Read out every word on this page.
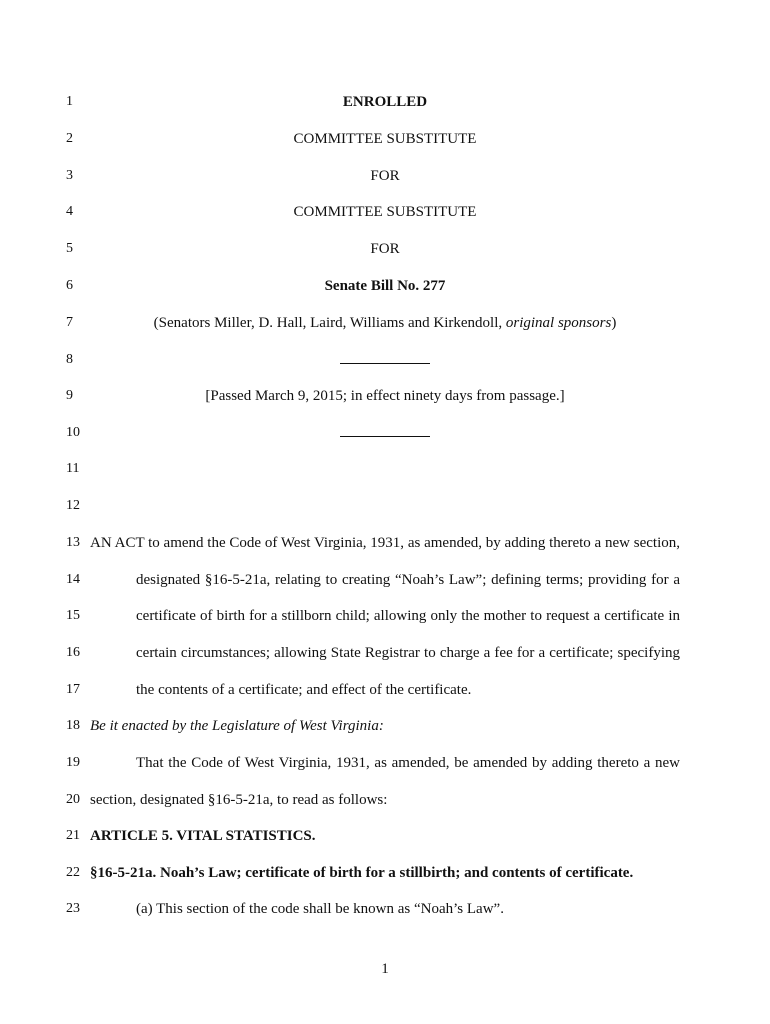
1
2
3
4
5
6
7
8
9
10
11
12
13
14
15
16
17
18
19
20
21
22
23
ENROLLED
COMMITTEE SUBSTITUTE
FOR
COMMITTEE SUBSTITUTE
FOR
Senate Bill No. 277
(Senators Miller, D. Hall, Laird, Williams and Kirkendoll, original sponsors)
[Passed March 9, 2015; in effect ninety days from passage.]
AN ACT to amend the Code of West Virginia, 1931, as amended, by adding thereto a new section,
designated §16-5-21a, relating to creating “Noah’s Law”; defining terms; providing for a
certificate of birth for a stillborn child; allowing only the mother to request a certificate in
certain circumstances; allowing State Registrar to charge a fee for a certificate; specifying
the contents of a certificate; and effect of the certificate.
Be it enacted by the Legislature of West Virginia:
That the Code of West Virginia, 1931, as amended, be amended by adding thereto a new
section, designated §16-5-21a, to read as follows:
ARTICLE 5. VITAL STATISTICS.
§16-5-21a. Noah’s Law; certificate of birth for a stillbirth; and contents of certificate.
(a) This section of the code shall be known as “Noah’s Law”.
1
